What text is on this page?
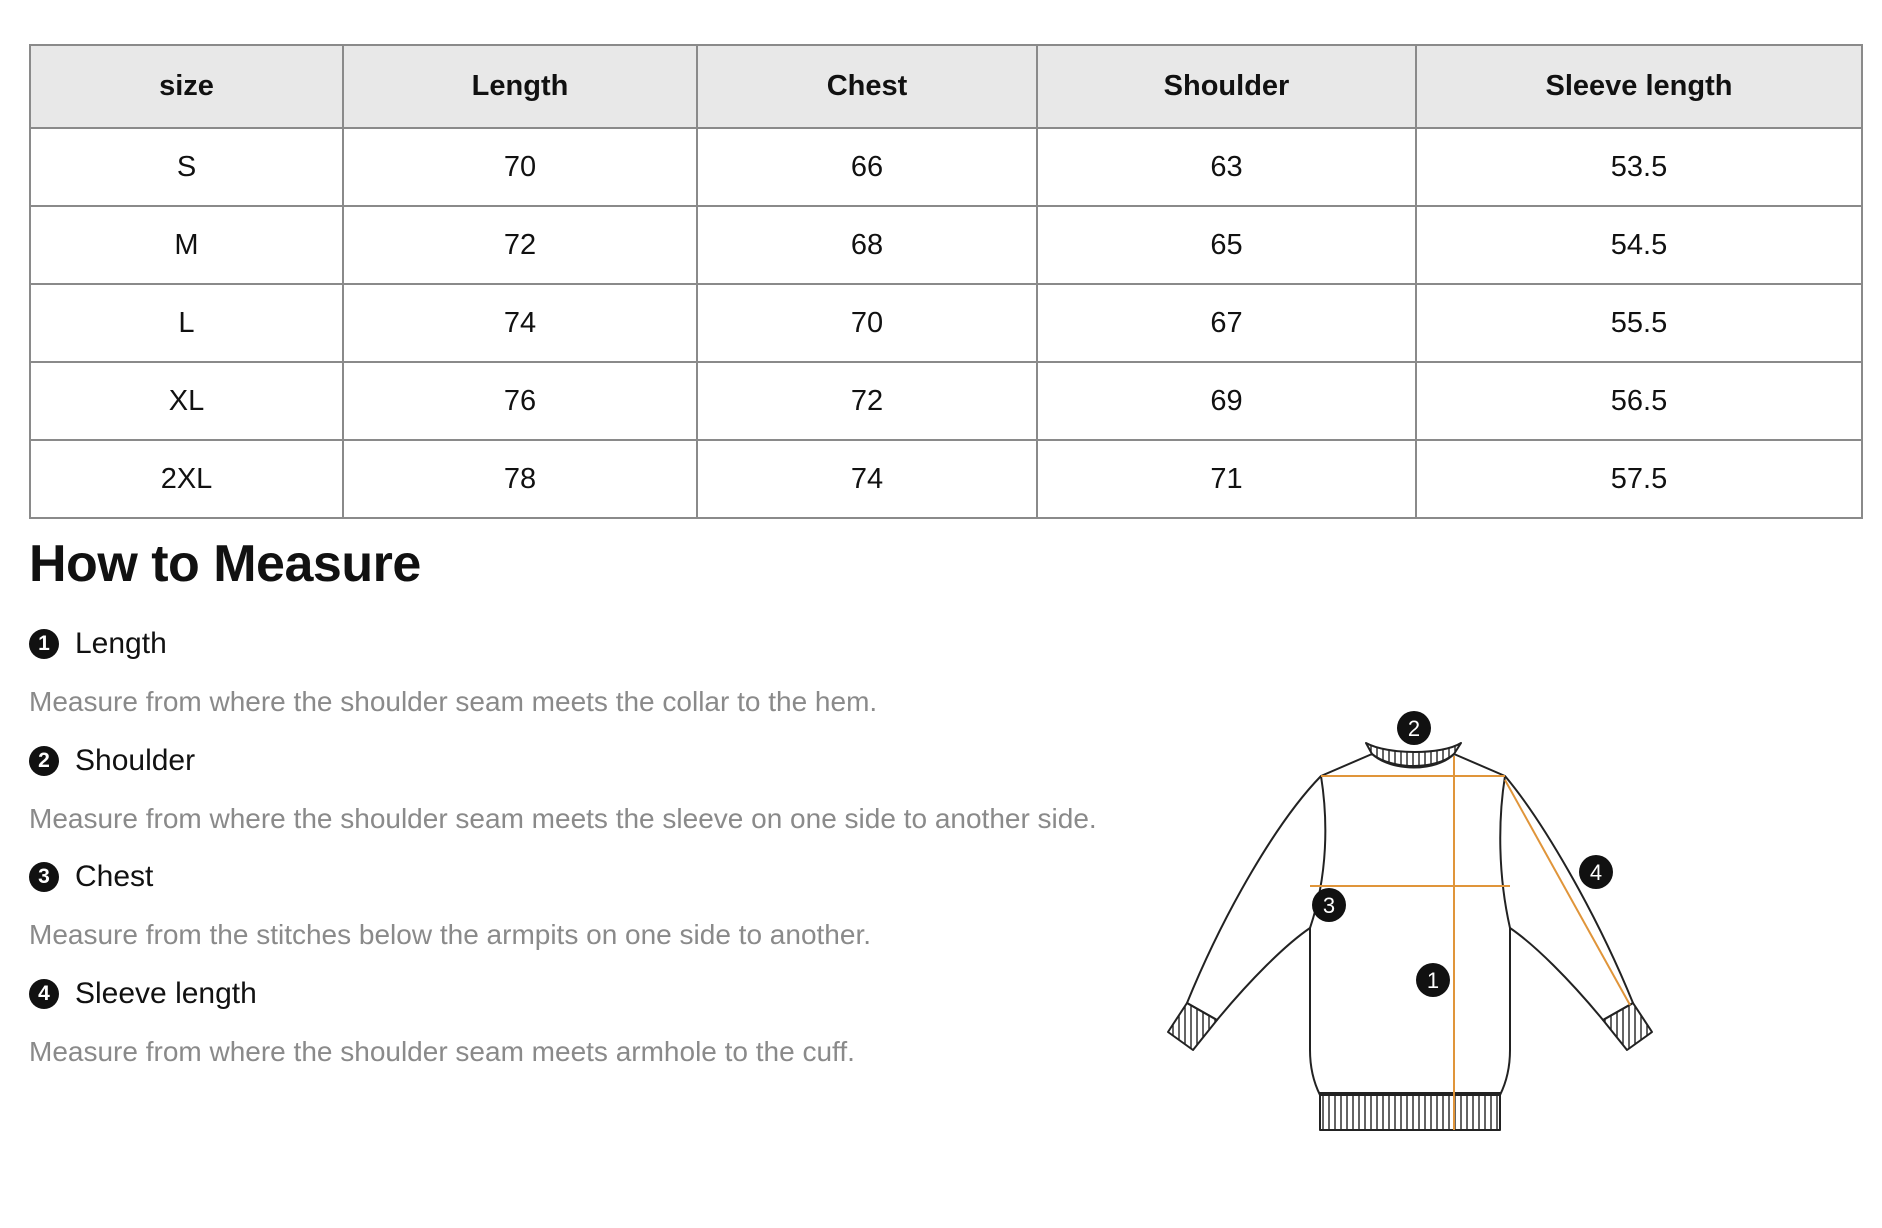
size	Length	Chest	Shoulder	Sleeve length
S	70	66	63	53.5
M	72	68	65	54.5
L	74	70	67	55.5
XL	76	72	69	56.5
2XL	78	74	71	57.5
How to Measure
1 Length
Measure from where the shoulder seam meets the collar to the hem.
2 Shoulder
Measure from where the shoulder seam meets the sleeve on one side to another side.
3 Chest
Measure from the stitches below the armpits on one side to another.
4 Sleeve length
Measure from where the shoulder seam meets armhole to the cuff.
2
3
4
1
